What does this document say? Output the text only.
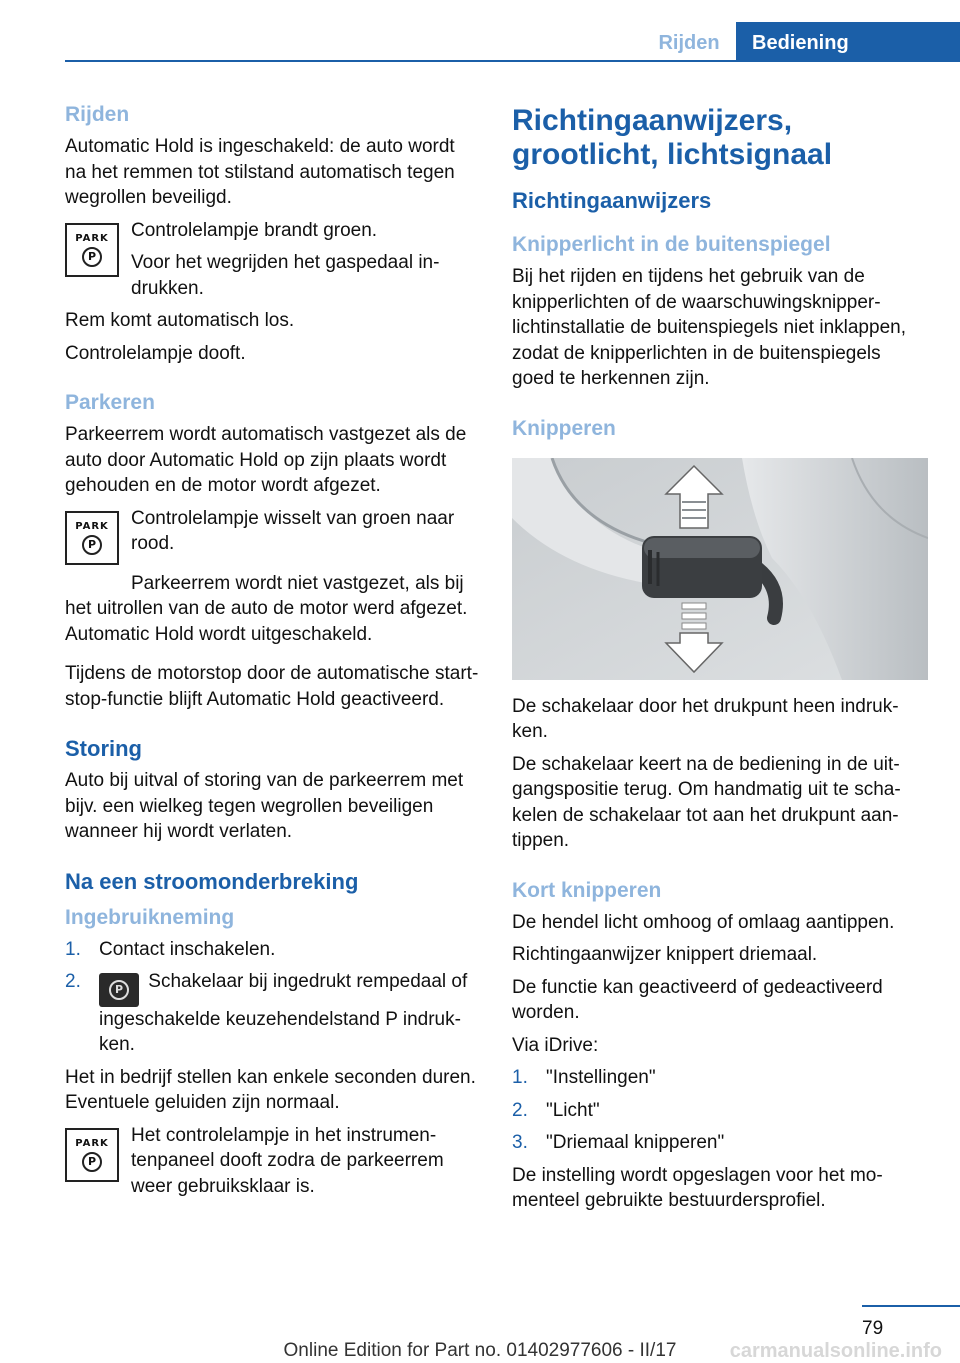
Rijden	Bediening
Rijden

Automatic Hold is ingeschakeld: de auto wordt na het remmen tot stilstand automatisch tegen wegrollen beveiligd.

PARK
P

Controlelampje brandt groen.

Voor het wegrijden het gaspedaal indrukken.

Rem komt automatisch los.

Controlelampje dooft.

Parkeren

Parkeerrem wordt automatisch vastgezet als de auto door Automatic Hold op zijn plaats wordt gehouden en de motor wordt afgezet.

PARK
P

Controlelampje wisselt van groen naar rood.

Parkeerrem wordt niet vastgezet, als bij het uitrollen van de auto de motor werd afgezet. Automatic Hold wordt uitgeschakeld.

Tijdens de motorstop door de automatische start-stop-functie blijft Automatic Hold geactiveerd.

Storing

Auto bij uitval of storing van de parkeerrem met bijv. een wielkeg tegen wegrollen beveiligen wanneer hij wordt verlaten.

Na een stroomonderbreking
Ingebruikneming
1. Contact inschakelen.
2.	P	Schakelaar bij ingedrukt rempedaal of ingeschakelde keuzehendelstand P indrukken.

Het in bedrijf stellen kan enkele seconden duren. Eventuele geluiden zijn normaal.

PARK
P

Het controlelampje in het instrumentenpaneel dooft zodra de parkeerrem weer gebruiksklaar is.

Richtingaanwijzers, grootlicht, lichtsignaal
Richtingaanwijzers
Knipperlicht in de buitenspiegel

Bij het rijden en tijdens het gebruik van de knipperlichten of de waarschuwingsknipperlichtinstallatie de buitenspiegels niet inklappen, zodat de knipperlichten in de buitenspiegels goed te herkennen zijn.

Knipperen

De schakelaar door het drukpunt heen indrukken.

De schakelaar keert na de bediening in de uitgangspositie terug. Om handmatig uit te schakelen de schakelaar tot aan het drukpunt aantippen.

Kort knipperen

De hendel licht omhoog of omlaag aantippen.

Richtingaanwijzer knippert driemaal.

De functie kan geactiveerd of gedeactiveerd worden.

Via iDrive:

1. "Instellingen"
2. "Licht"
3. "Driemaal knipperen"

De instelling wordt opgeslagen voor het momenteel gebruikte bestuurdersprofiel.

79
Online Edition for Part no. 01402977606 - II/17	carmanualsonline.info
